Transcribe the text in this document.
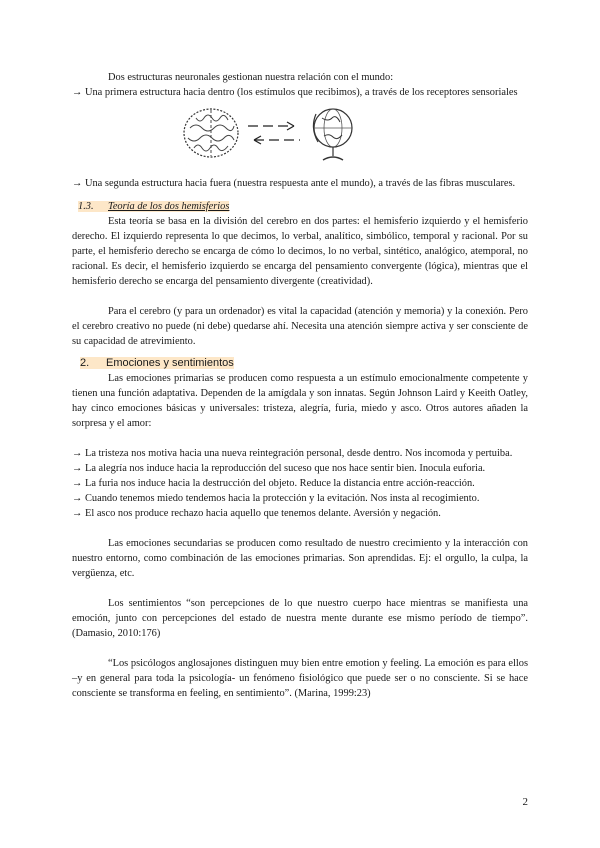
Dos estructuras neuronales gestionan nuestra relación con el mundo:

→ Una primera estructura hacia dentro (los estímulos que recibimos), a través de los receptores sensoriales

→ Una segunda estructura hacia fuera (nuestra respuesta ante el mundo), a través de las fibras musculares.

1.3. Teoría de los dos hemisferios

Esta teoría se basa en la división del cerebro en dos partes: el hemisferio izquierdo y el hemisferio derecho. El izquierdo representa lo que decimos, lo verbal, analítico, simbólico, temporal y racional. Por su parte, el hemisferio derecho se encarga de cómo lo decimos, lo no verbal, sintético, analógico, atemporal, no racional. Es decir, el hemisferio izquierdo se encarga del pensamiento convergente (lógica), mientras que el hemisferio derecho se encarga del pensamiento divergente (creatividad).

Para el cerebro (y para un ordenador) es vital la capacidad (atención y memoria) y la conexión. Pero el cerebro creativo no puede (ni debe) quedarse ahí. Necesita una atención siempre activa y ser consciente de su capacidad de atrevimiento.

2. Emociones y sentimientos

Las emociones primarias se producen como respuesta a un estímulo emocionalmente competente y tienen una función adaptativa. Dependen de la amígdala y son innatas. Según Johnson Laird y Keeith Oatley, hay cinco emociones básicas y universales: tristeza, alegría, furia, miedo y asco. Otros autores añaden la sorpresa y el amor:

→ La tristeza nos motiva hacia una nueva reintegración personal, desde dentro. Nos incomoda y pertuiba.

→ La alegría nos induce hacia la reproducción del suceso que nos hace sentir bien. Inocula euforia.

→ La furia nos induce hacia la destrucción del objeto. Reduce la distancia entre acción-reacción.

→ Cuando tenemos miedo tendemos hacia la protección y la evitación. Nos insta al recogimiento.

→ El asco nos produce rechazo hacia aquello que tenemos delante. Aversión y negación.

Las emociones secundarias se producen como resultado de nuestro crecimiento y la interacción con nuestro entorno, como combinación de las emociones primarias. Son aprendidas. Ej: el orgullo, la culpa, la vergüenza, etc.

Los sentimientos “son percepciones de lo que nuestro cuerpo hace mientras se manifiesta una emoción, junto con percepciones del estado de nuestra mente durante ese mismo período de tiempo”. (Damasio, 2010:176)

“Los psicólogos anglosajones distinguen muy bien entre emotion y feeling. La emoción es para ellos –y en general para toda la psicología- un fenómeno fisiológico que puede ser o no consciente. Si se hace consciente se transforma en feeling, en sentimiento”. (Marina, 1999:23)

2
